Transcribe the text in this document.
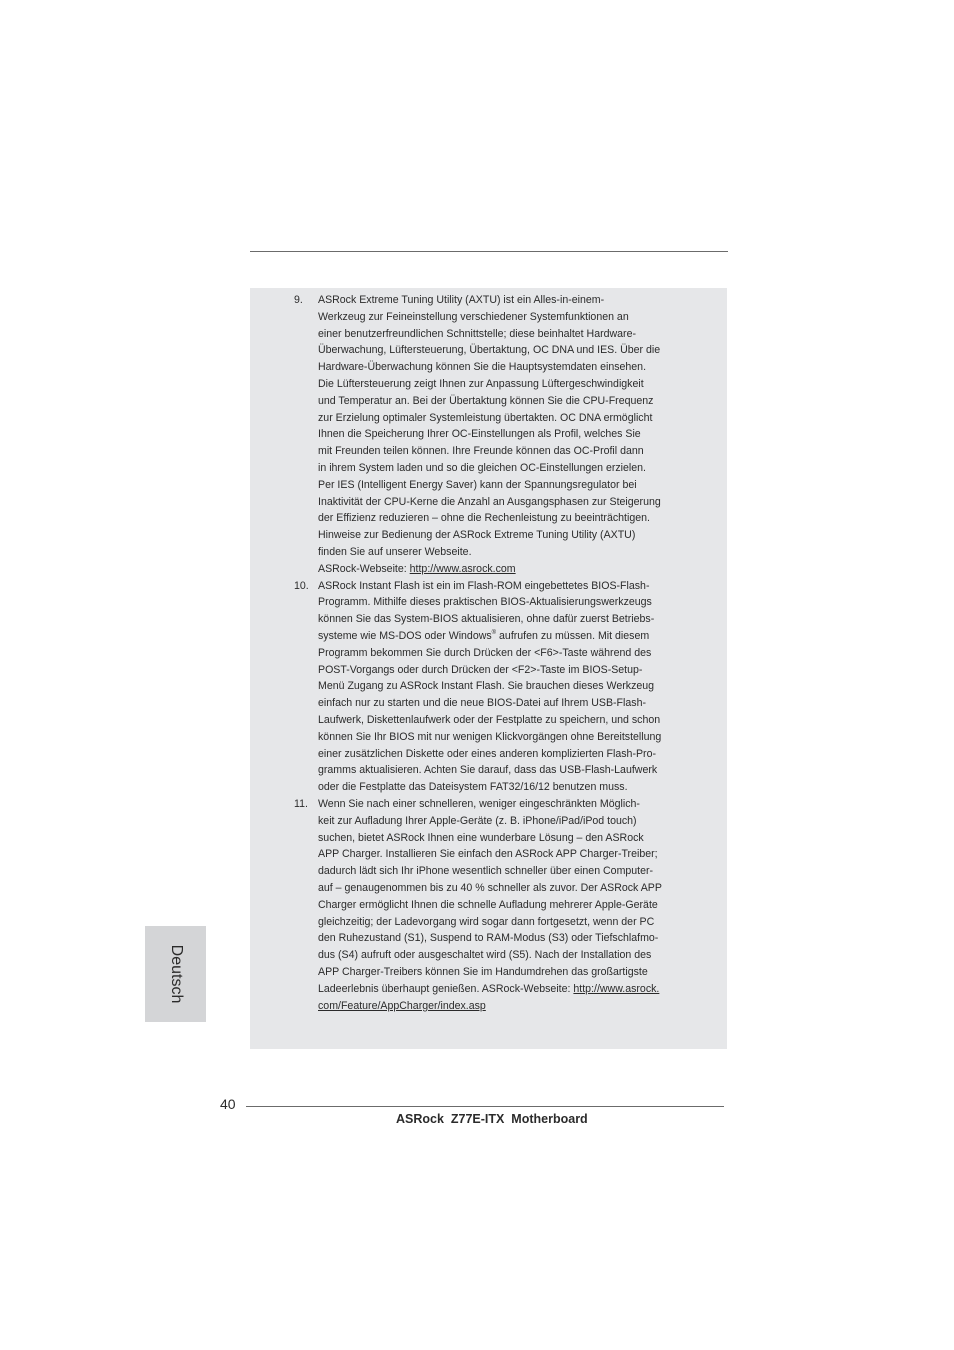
9.	ASRock Extreme Tuning Utility (AXTU) ist ein Alles-in-einem-
Werkzeug zur Feineinstellung verschiedener Systemfunktionen an
einer benutzerfreundlichen Schnittstelle; diese beinhaltet Hardware-
Überwachung, Lüftersteuerung, Übertaktung, OC DNA und IES. Über die
Hardware-Überwachung können Sie die Hauptsystemdaten einsehen.
Die Lüftersteuerung zeigt Ihnen zur Anpassung Lüftergeschwindigkeit
und Temperatur an. Bei der Übertaktung können Sie die CPU-Frequenz
zur Erzielung optimaler Systemleistung übertakten. OC DNA ermöglicht
Ihnen die Speicherung Ihrer OC-Einstellungen als Profil, welches Sie
mit Freunden teilen können. Ihre Freunde können das OC-Profil dann
in ihrem System laden und so die gleichen OC-Einstellungen erzielen.
Per IES (Intelligent Energy Saver) kann der Spannungsregulator bei
Inaktivität der CPU-Kerne die Anzahl an Ausgangsphasen zur Steigerung
der Effizienz reduzieren – ohne die Rechenleistung zu beeinträchtigen.
Hinweise zur Bedienung der ASRock Extreme Tuning Utility (AXTU)
finden Sie auf unserer Webseite.
ASRock-Webseite: http://www.asrock.com
10. ASRock Instant Flash ist ein im Flash-ROM eingebettetes BIOS-Flash-
Programm. Mithilfe dieses praktischen BIOS-Aktualisierungswerkzeugs
können Sie das System-BIOS aktualisieren, ohne dafür zuerst Betriebs-
systeme wie MS-DOS oder Windows® aufrufen zu müssen. Mit diesem
Programm bekommen Sie durch Drücken der <F6>-Taste während des
POST-Vorgangs oder durch Drücken der <F2>-Taste im BIOS-Setup-
Menü Zugang zu ASRock Instant Flash. Sie brauchen dieses Werkzeug
einfach nur zu starten und die neue BIOS-Datei auf Ihrem USB-Flash-
Laufwerk, Diskettenlaufwerk oder der Festplatte zu speichern, und schon
können Sie Ihr BIOS mit nur wenigen Klickvorgängen ohne Bereitstellung
einer zusätzlichen Diskette oder eines anderen komplizierten Flash-Pro-
gramms aktualisieren. Achten Sie darauf, dass das USB-Flash-Laufwerk
oder die Festplatte das Dateisystem FAT32/16/12 benutzen muss.
11. Wenn Sie nach einer schnelleren, weniger eingeschränkten Möglich-
keit zur Aufladung Ihrer Apple-Geräte (z. B. iPhone/iPad/iPod touch)
suchen, bietet ASRock Ihnen eine wunderbare Lösung – den ASRock
APP Charger. Installieren Sie einfach den ASRock APP Charger-Treiber;
dadurch lädt sich Ihr iPhone wesentlich schneller über einen Computer-
auf – genaugenommen bis zu 40 % schneller als zuvor. Der ASRock APP
Charger ermöglicht Ihnen die schnelle Aufladung mehrerer Apple-Geräte
gleichzeitig; der Ladevorgang wird sogar dann fortgesetzt, wenn der PC
den Ruhezustand (S1), Suspend to RAM-Modus (S3) oder Tiefschlafmo-
dus (S4) aufruft oder ausgeschaltet wird (S5). Nach der Installation des
APP Charger-Treibers können Sie im Handumdrehen das großartigste
Ladeerlebnis überhaupt genießen. ASRock-Webseite: http://www.asrock.
com/Feature/AppCharger/index.asp
Deutsch
40
ASRock  Z77E-ITX  Motherboard
